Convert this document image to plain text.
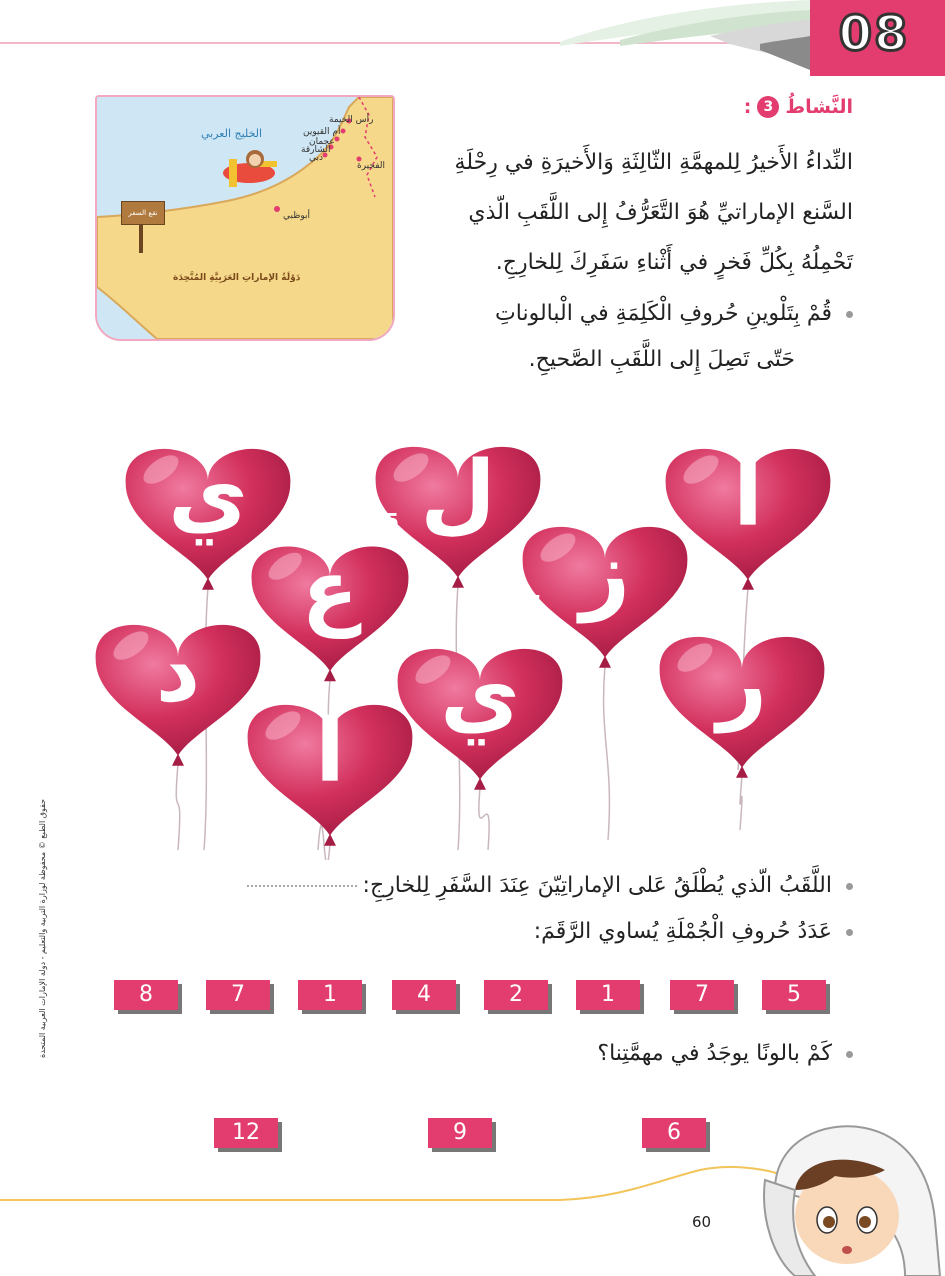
08
الخليج العربي
دَوْلَةُ الإماراتِ العَرَبِيَّةِ المُتَّحِدَة
نقع السفر
رأس الخيمة
أم القيوين
عجمان
الشارقة
دبي
الفجيرة
أبوظبي
النَّشاطُ
3
:
النِّداءُ الأَخيرُ لِلمهمَّةِ الثّالِثَةِ وَالأَخيرَةِ في رِحْلَةِ السَّنع الإماراتيِّ هُوَ التَّعَرُّفُ إِلى اللَّقَبِ الّذي تَحْمِلُهُ بِكُلِّ فَخرٍ في أَثْناءِ سَفَرِكَ لِلخارِجِ.
قُمْ بِتَلْوينِ حُروفِ الْكَلِمَةِ في الْبالوناتِ
حَتّى تَصِلَ إِلى اللَّقَبِ الصَّحيحِ.
ي
3
ل
2
ا
1
ع
5
ز
4
ا
9
د
8
ي
7
ر
6
اللَّقَبُ الّذي يُطْلَقُ عَلى الإماراتِيّنَ عِنَدَ السَّفَرِ لِلخارِجِ:
عَدَدُ حُروفِ الْجُمْلَةِ يُساوي الرَّقَمَ:
8	7	1	4	2	1	7	5
كَمْ بالونًا يوجَدُ في مهمَّتِنا؟
12	9	6
60
حقوق الطبع © محفوظة لوزارة التربية والتعليم - دولة الإمارات العربية المتحدة
